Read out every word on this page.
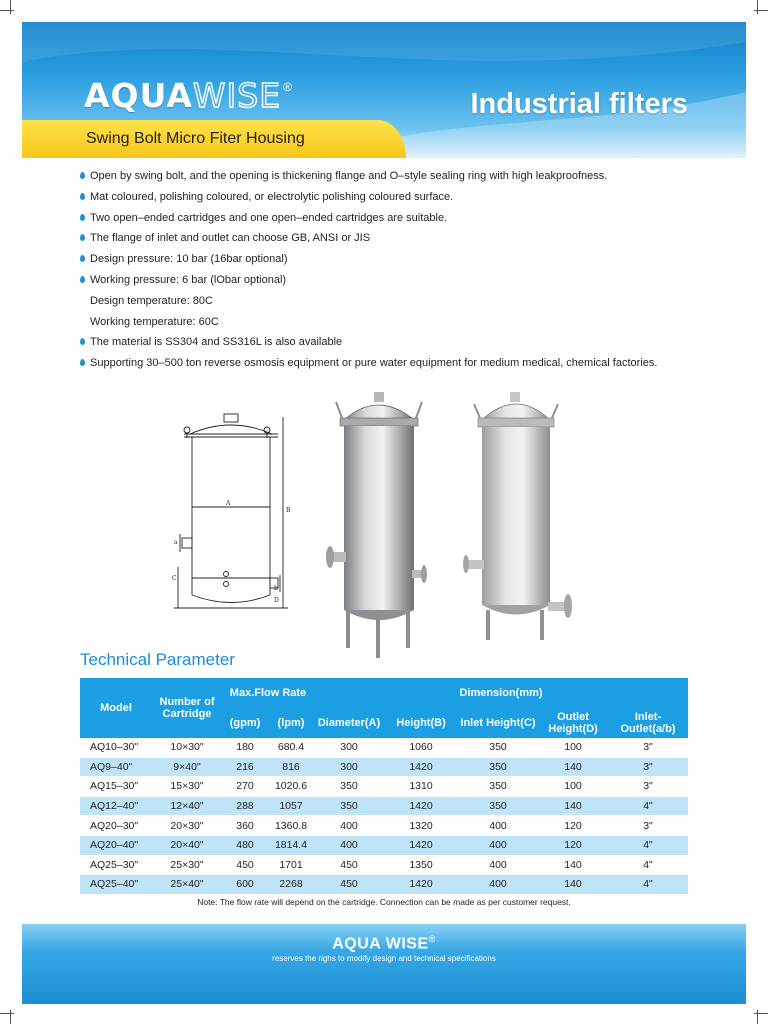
AQUA WISE ®
Industrial filters
Swing Bolt Micro Fiter Housing
Open by swing bolt, and the opening is thickening flange and O–style sealing ring with high leakproofness.
Mat coloured, polishing coloured, or electrolytic polishing coloured surface.
Two open–ended cartridges and one open–ended cartridges are suitable.
The flange of inlet and outlet can choose GB, ANSI or JIS
Design pressure: 10 bar (16bar optional)
Working pressure: 6 bar (lObar optional)
Design temperature: 80C
Working temperature: 60C
The material is SS304 and SS316L is also available
Supporting 30–500 ton reverse osmosis equipment or pure water equipment for medium medical, chemical factories.
A
B
C
D
a
b
Technical Parameter
Model	Number of Cartridge	Max.Flow Rate		Dimension(mm)				
		(gpm)	(lpm)	Diameter(A)	Height(B)	Inlet Height(C)	Outlet Height(D)	Inlet-Outlet(a/b)
AQ10–30"	10×30"	180	680.4	300	1060	350	100	3"
AQ9–40"	9×40"	216	816	300	1420	350	140	3"
AQ15–30"	15×30"	270	1020.6	350	1310	350	100	3"
AQ12–40"	12×40"	288	1057	350	1420	350	140	4"
AQ20–30"	20×30"	360	1360.8	400	1320	400	120	3"
AQ20–40"	20×40"	480	1814.4	400	1420	400	120	4"
AQ25–30"	25×30"	450	1701	450	1350	400	140	4"
AQ25–40"	25×40"	600	2268	450	1420	400	140	4"
Note: The flow rate will depend on the cartridge. Connection can be made as per customer request.
AQUA WISE®
reserves the righs to modify design and technical specifications
